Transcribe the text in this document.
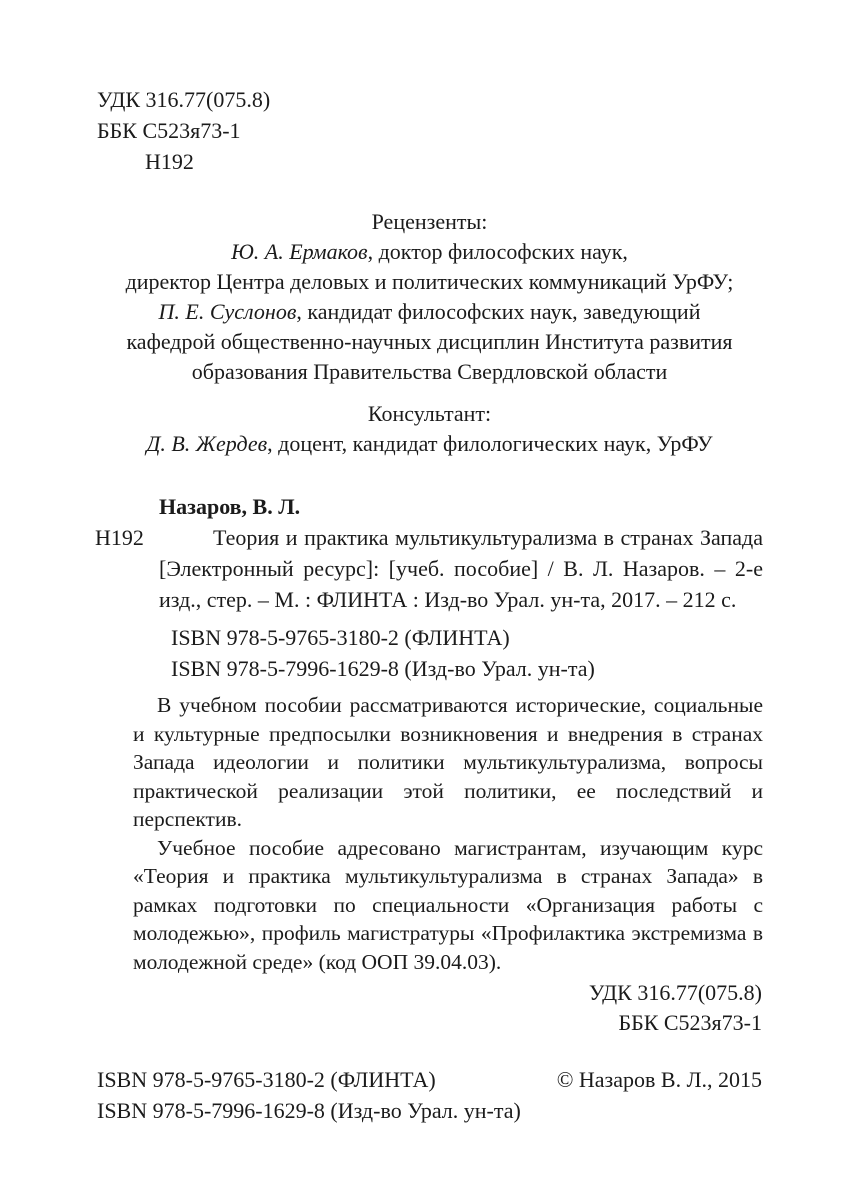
УДК 316.77(075.8)
ББК С523я73-1
Н192
Рецензенты:
Ю. А. Ермаков, доктор философских наук,
директор Центра деловых и политических коммуникаций УрФУ;
П. Е. Суслонов, кандидат философских наук, заведующий
кафедрой общественно-научных дисциплин Института развития
образования Правительства Свердловской области
Консультант:
Д. В. Жердев, доцент, кандидат филологических наук, УрФУ
Назаров, В. Л.
Н192	Теория и практика мультикультурализма в странах Запада [Электронный ресурс]: [учеб. пособие] / В. Л. Назаров. – 2-е изд., стер. – М. : ФЛИНТА : Изд-во Урал. ун-та, 2017. – 212 с.
ISBN 978-5-9765-3180-2 (ФЛИНТА)
ISBN 978-5-7996-1629-8 (Изд-во Урал. ун-та)

В учебном пособии рассматриваются исторические, социальные и культурные предпосылки возникновения и внедрения в странах Запада идеологии и политики мультикультурализма, вопросы практической реализации этой политики, ее последствий и перспектив.

Учебное пособие адресовано магистрантам, изучающим курс «Теория и практика мультикультурализма в странах Запада» в рамках подготовки по специальности «Организация работы с молодежью», профиль магистратуры «Профилактика экстремизма в молодежной среде» (код ООП 39.04.03).

УДК 316.77(075.8)
ББК С523я73-1
ISBN 978-5-9765-3180-2 (ФЛИНТА)
ISBN 978-5-7996-1629-8 (Изд-во Урал. ун-та)
© Назаров В. Л., 2015
